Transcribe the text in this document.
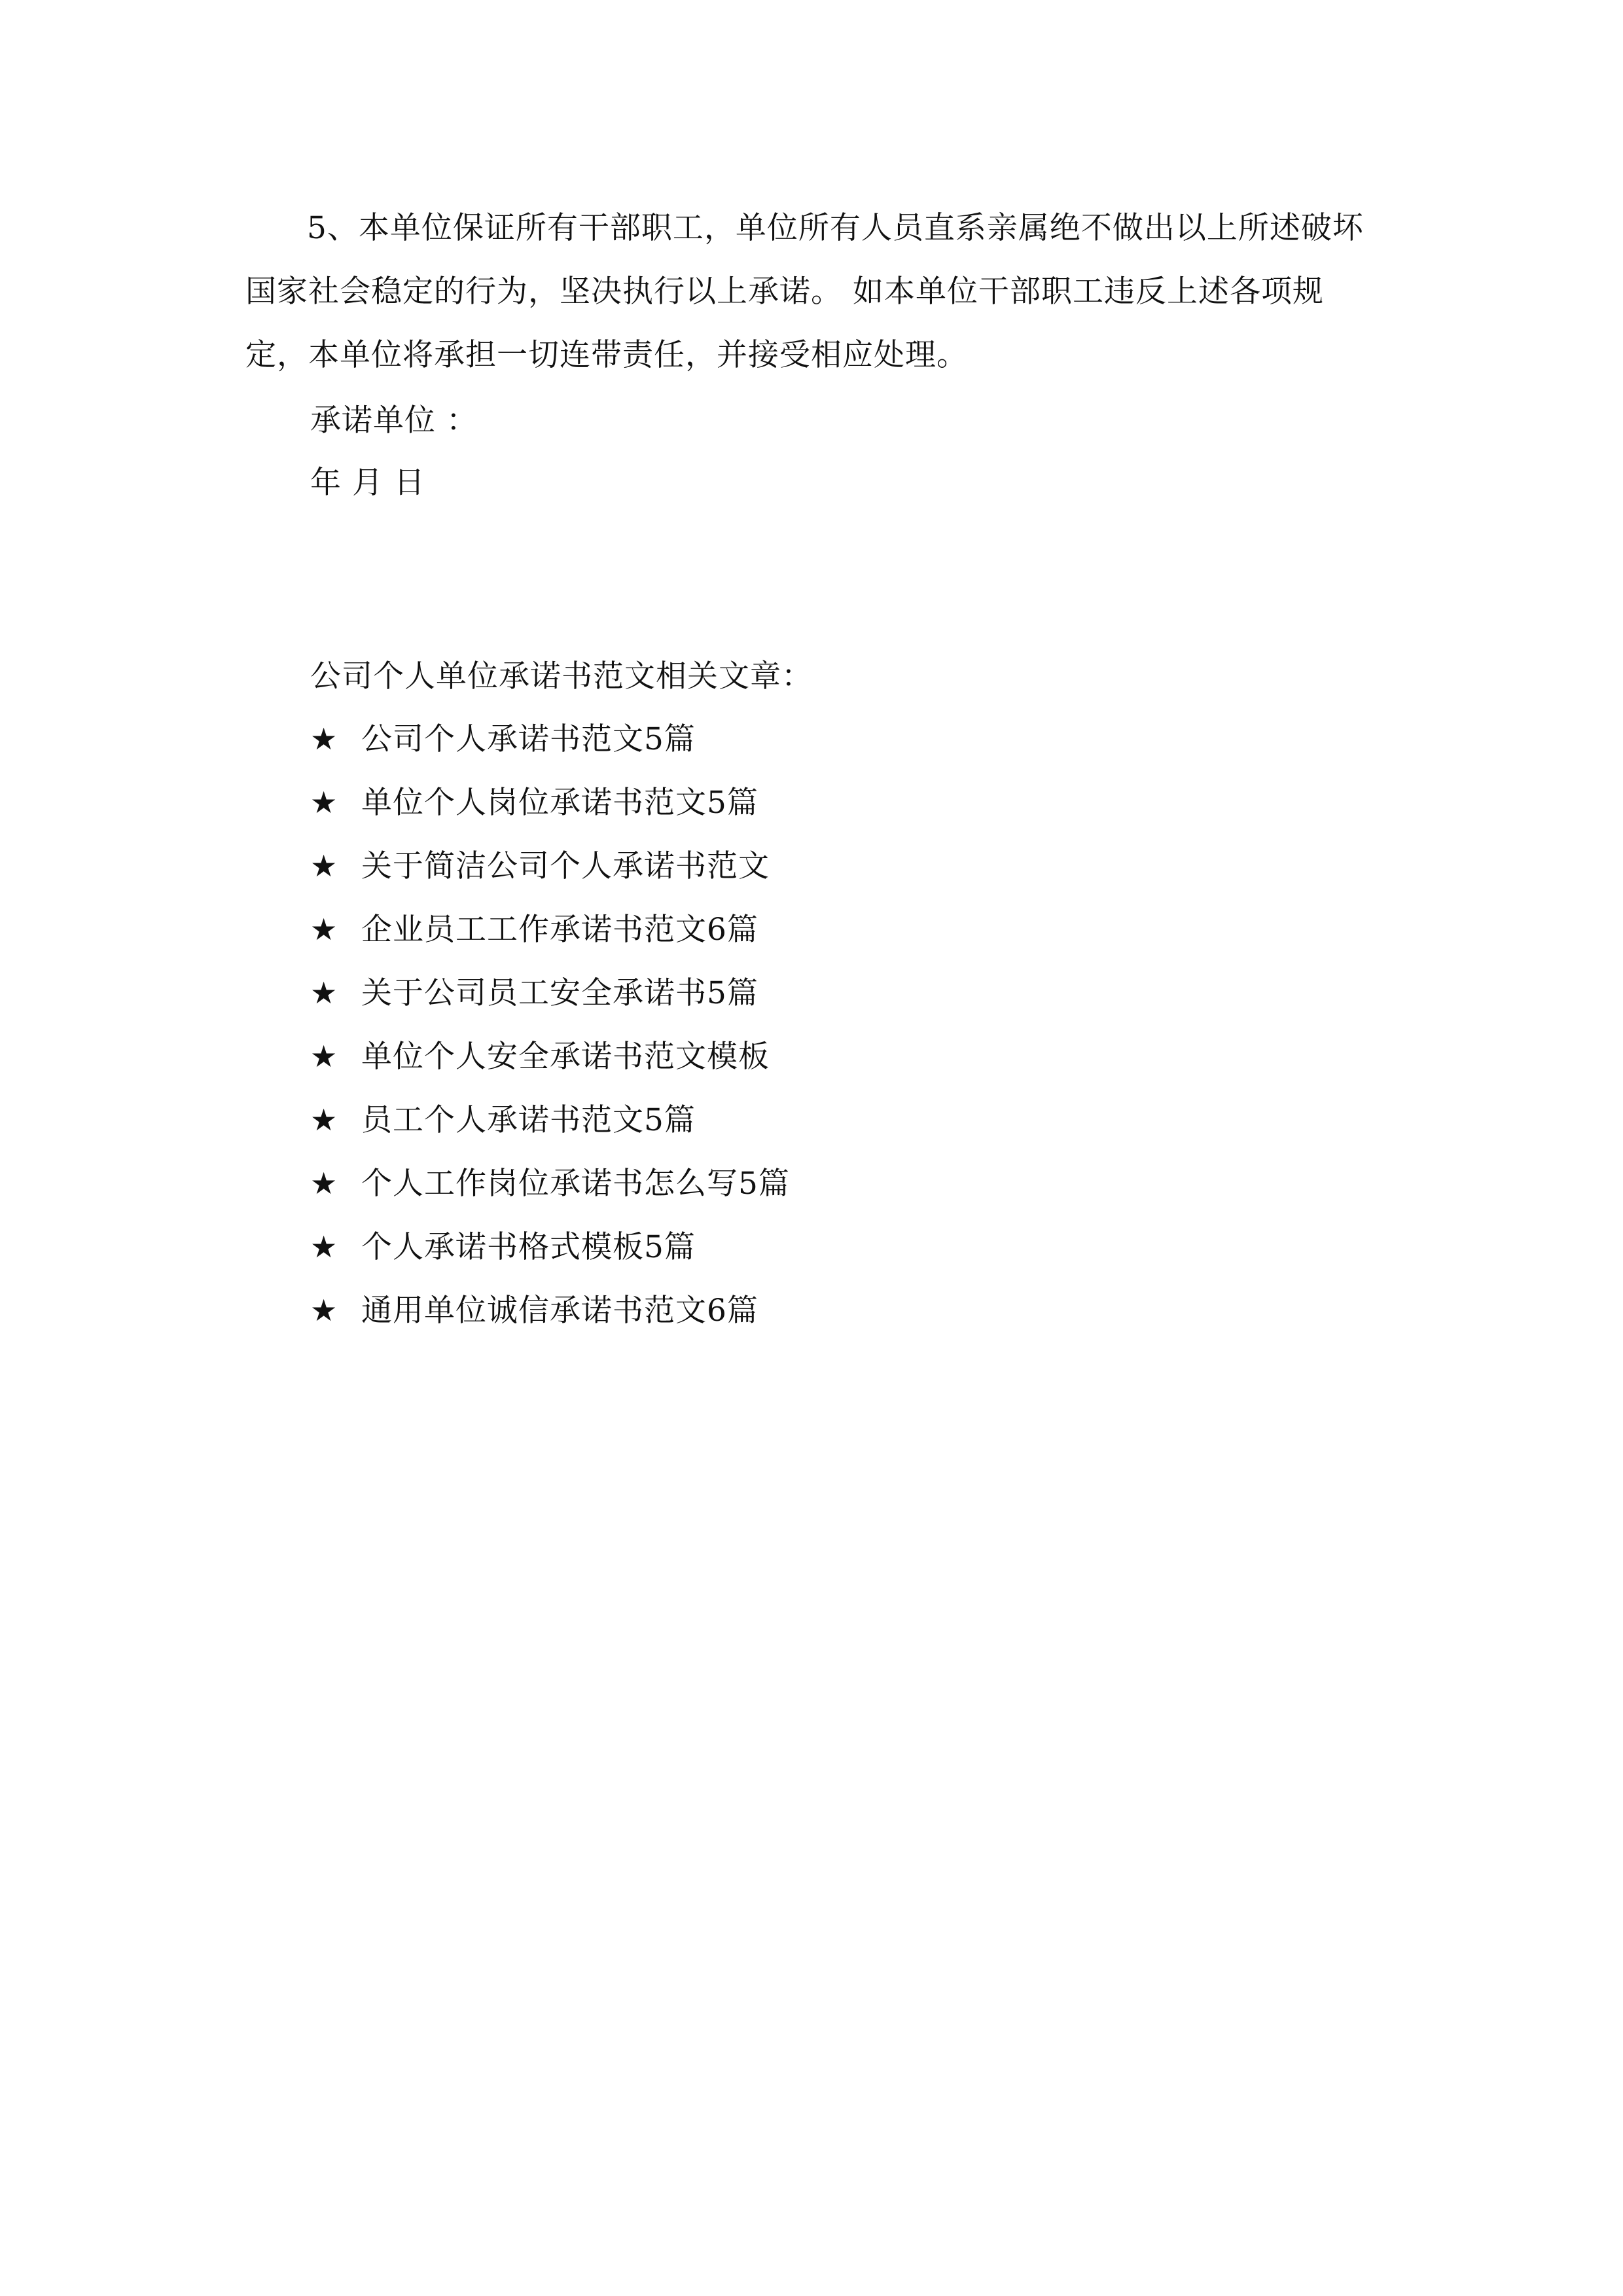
5、本单位保证所有干部职工，单位所有人员直系亲属绝不做出以上所述破坏国家社会稳定的行为，坚决执行以上承诺。 如本单位干部职工违反上述各项规定，本单位将承担一切连带责任，并接受相应处理。
承诺单位 ：
年 月 日
公司个人单位承诺书范文相关文章：
★ 公司个人承诺书范文5篇
★ 单位个人岗位承诺书范文5篇
★ 关于简洁公司个人承诺书范文
★ 企业员工工作承诺书范文6篇
★ 关于公司员工安全承诺书5篇
★ 单位个人安全承诺书范文模板
★ 员工个人承诺书范文5篇
★ 个人工作岗位承诺书怎么写5篇
★ 个人承诺书格式模板5篇
★ 通用单位诚信承诺书范文6篇
